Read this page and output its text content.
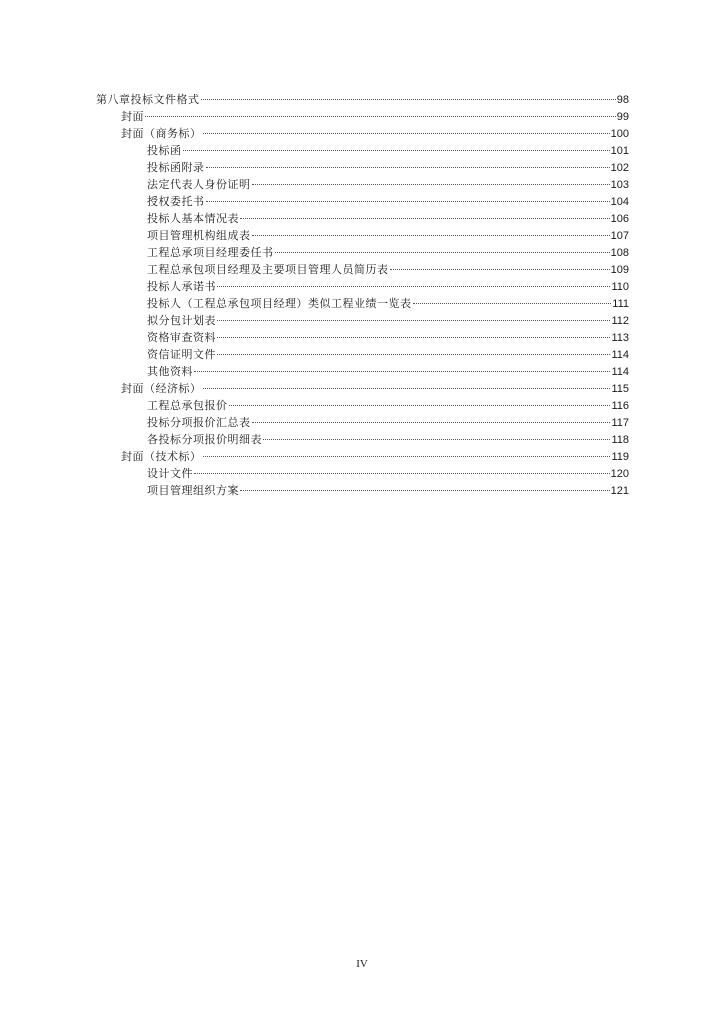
第八章投标文件格式	98
封面	99
封面（商务标）	100
投标函	101
投标函附录	102
法定代表人身份证明	103
授权委托书	104
投标人基本情况表	106
项目管理机构组成表	107
工程总承项目经理委任书	108
工程总承包项目经理及主要项目管理人员简历表	109
投标人承诺书	110
投标人（工程总承包项目经理）类似工程业绩一览表	111
拟分包计划表	112
资格审查资料	113
资信证明文件	114
其他资料	114
封面（经济标）	115
工程总承包报价	116
投标分项报价汇总表	117
各投标分项报价明细表	118
封面（技术标）	119
设计文件	120
项目管理组织方案	121
IV
